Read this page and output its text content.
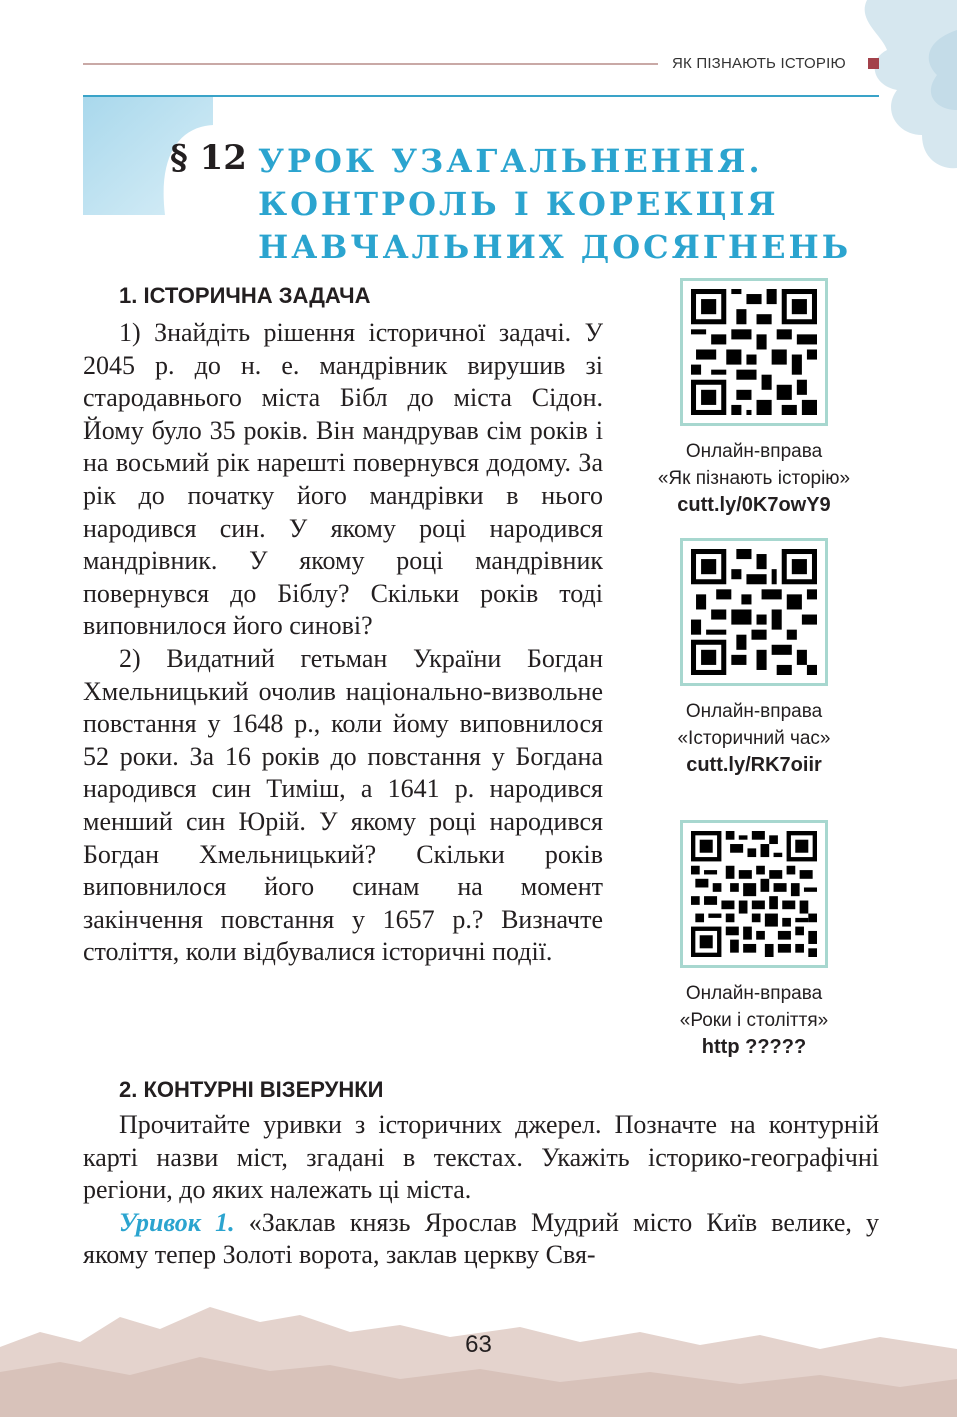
ЯК ПІЗНАЮТЬ ІСТОРІЮ
§ 12 УРОК УЗАГАЛЬНЕННЯ.
КОНТРОЛЬ І КОРЕКЦІЯ
НАВЧАЛЬНИХ ДОСЯГНЕНЬ
1. ІСТОРИЧНА ЗАДАЧА

1) Знайдіть рішення історичної задачі. У 2045 р. до н. е. мандрівник вирушив зі стародавнього міста Бібл до міста Сідон. Йому було 35 років. Він мандрував сім років і на восьмий рік нарешті повернувся додому. За рік до початку його мандрівки в нього народився син. У якому році народився мандрівник. У якому році мандрівник повернувся до Біблу? Скільки років тоді виповнилося його синові?

2) Видатний гетьман України Богдан Хмельницький очолив національно-визвольне повстання у 1648 р., коли йому виповнилося 52 роки. За 16 років до повстання у Богдана народився син Тиміш, а 1641 р. народився менший син Юрій. У якому році народився Богдан Хмельницький? Скільки років виповнилося його синам на момент закінчення повстання у 1657 р.? Визначте століття, коли відбувалися історичні події.

Онлайн-вправа
«Як пізнають історію»
cutt.ly/0K7owY9
Онлайн-вправа
«Історичний час»
cutt.ly/RK7oiir
Онлайн-вправа
«Роки і століття»
http ?????
2. КОНТУРНІ ВІЗЕРУНКИ

Прочитайте уривки з історичних джерел. Позначте на контурній карті назви міст, згадані в текстах. Укажіть історико-географічні регіони, до яких належать ці міста.

Уривок 1. «Заклав князь Ярослав Мудрий місто Київ велике, у якому тепер Золоті ворота, заклав церкву Свя-

63
